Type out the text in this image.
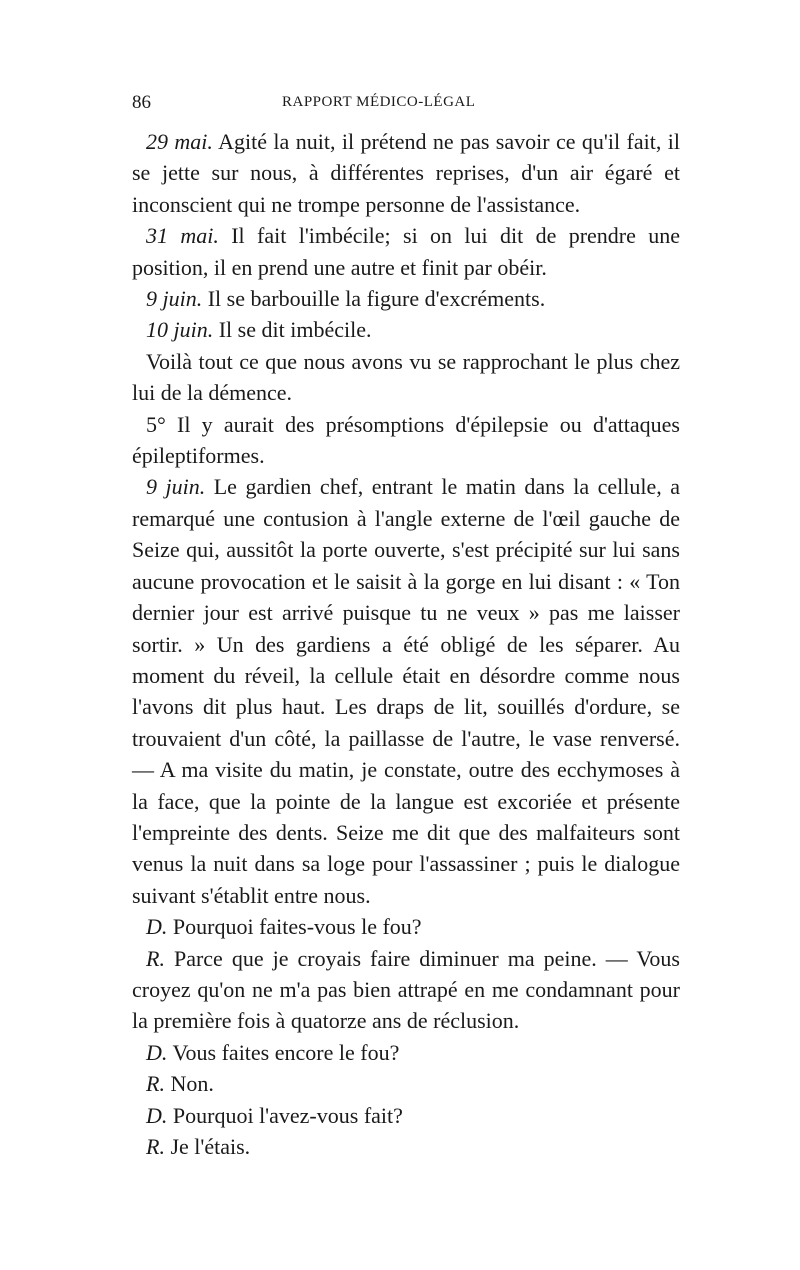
86	RAPPORT MÉDICO-LÉGAL

29 mai. Agité la nuit, il prétend ne pas savoir ce qu'il fait, il se jette sur nous, à différentes reprises, d'un air égaré et inconscient qui ne trompe personne de l'assistance.

31 mai. Il fait l'imbécile; si on lui dit de prendre une position, il en prend une autre et finit par obéir.

9 juin. Il se barbouille la figure d'excréments.

10 juin. Il se dit imbécile.

Voilà tout ce que nous avons vu se rapprochant le plus chez lui de la démence.

5° Il y aurait des présomptions d'épilepsie ou d'attaques épileptiformes.

9 juin. Le gardien chef, entrant le matin dans la cellule, a remarqué une contusion à l'angle externe de l'œil gauche de Seize qui, aussitôt la porte ouverte, s'est précipité sur lui sans aucune provocation et le saisit à la gorge en lui disant : « Ton dernier jour est arrivé puisque tu ne veux » pas me laisser sortir. » Un des gardiens a été obligé de les séparer. Au moment du réveil, la cellule était en désordre comme nous l'avons dit plus haut. Les draps de lit, souillés d'ordure, se trouvaient d'un côté, la paillasse de l'autre, le vase renversé. — A ma visite du matin, je constate, outre des ecchymoses à la face, que la pointe de la langue est excoriée et présente l'empreinte des dents. Seize me dit que des malfaiteurs sont venus la nuit dans sa loge pour l'assassiner ; puis le dialogue suivant s'établit entre nous.

D. Pourquoi faites-vous le fou?

R. Parce que je croyais faire diminuer ma peine. — Vous croyez qu'on ne m'a pas bien attrapé en me condamnant pour la première fois à quatorze ans de réclusion.

D. Vous faites encore le fou?

R. Non.

D. Pourquoi l'avez-vous fait?

R. Je l'étais.
